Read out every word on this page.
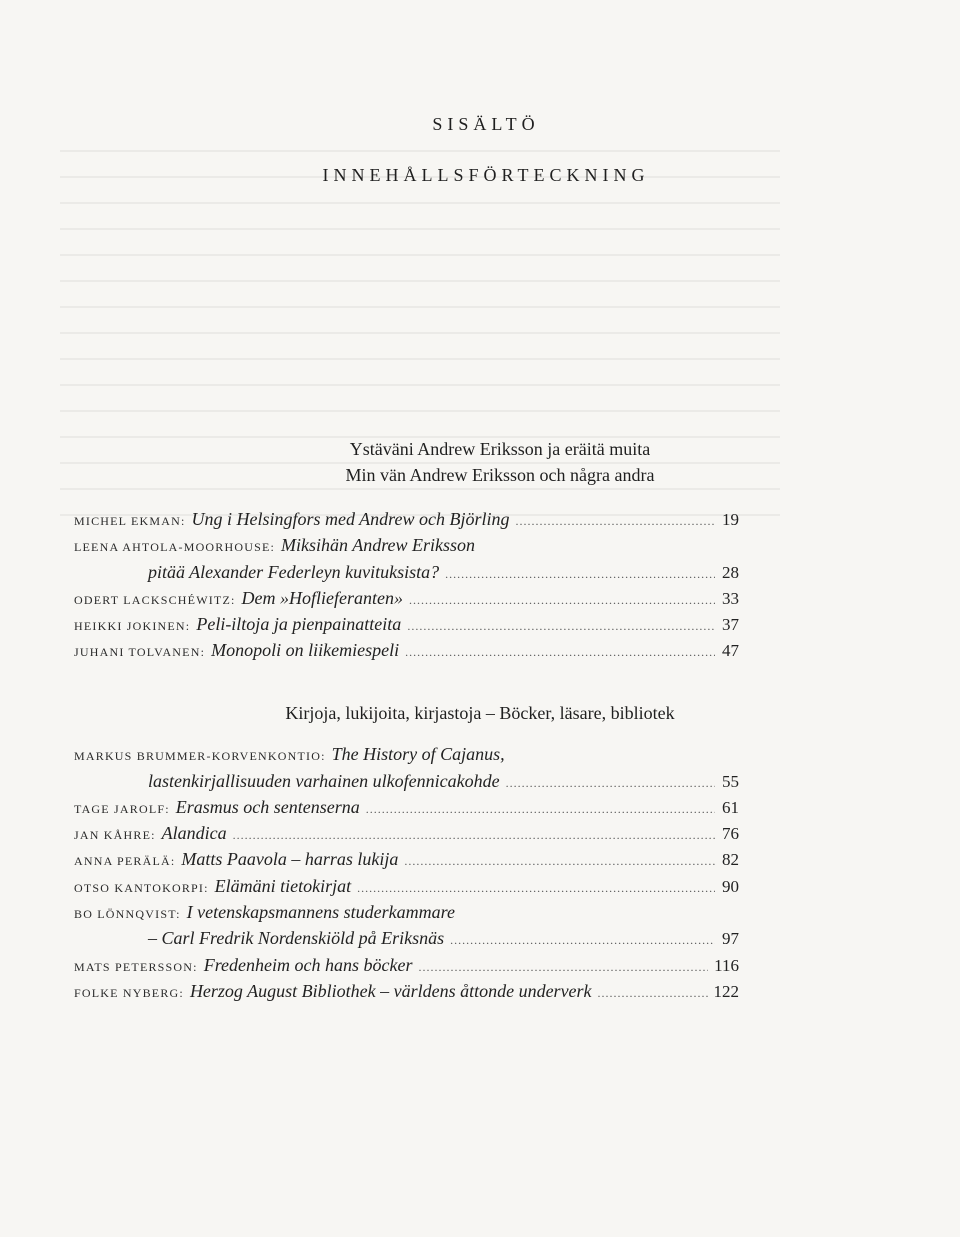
SISÄLTÖ
INNEHÅLLSFÖRTECKNING
Ystäväni Andrew Eriksson ja eräitä muita
Min vän Andrew Eriksson och några andra
MICHEL EKMAN: Ung i Helsingfors med Andrew och Björling .....	19
LEENA AHTOLA-MOORHOUSE: Miksihän Andrew Eriksson
pitää Alexander Federleyn kuvituksista? .....	28
ODERT LACKSCHÉWITZ: Dem »Hoflieferanten» .....	33
HEIKKI JOKINEN: Peli-iltoja ja pienpainatteita .....	37
JUHANI TOLVANEN: Monopoli on liikemiespeli .....	47
Kirjoja, lukijoita, kirjastoja – Böcker, läsare, bibliotek
MARKUS BRUMMER-KORVENKONTIO: The History of Cajanus,
lastenkirjallisuuden varhainen ulkofennicakohde .....	55
TAGE JAROLF: Erasmus och sentenserna .....	61
JAN KÅHRE: Alandica .....	76
ANNA PERÄLÄ: Matts Paavola – harras lukija .....	82
OTSO KANTOKORPI: Elämäni tietokirjat .....	90
BO LÖNNQVIST: I vetenskapsmannens studerkammare
– Carl Fredrik Nordenskiöld på Eriksnäs .....	97
MATS PETERSSON: Fredenheim och hans böcker .....	116
FOLKE NYBERG: Herzog August Bibliothek – världens åttonde underverk .....	122
